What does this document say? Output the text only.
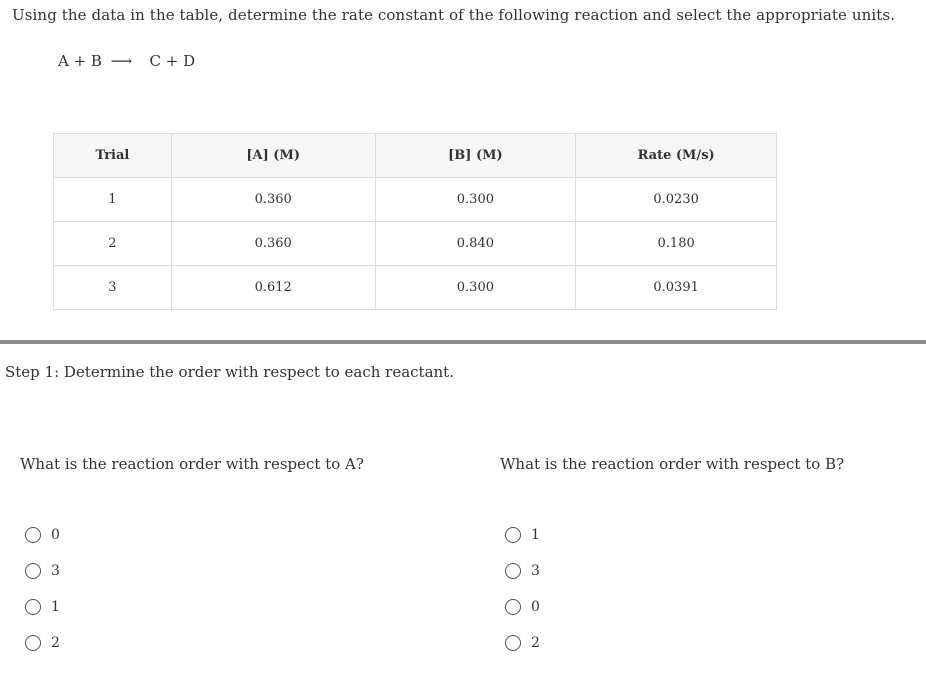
Using the data in the table, determine the rate constant of the following reaction and select the appropriate units.
A + B ⟶ C + D
Trial	[A] (M)	[B] (M)	Rate (M/s)
1	0.360	0.300	0.0230
2	0.360	0.840	0.180
3	0.612	0.300	0.0391
Step 1: Determine the order with respect to each reactant.
What is the reaction order with respect to A?	What is the reaction order with respect to B?
0
3
1
2
1
3
0
2
